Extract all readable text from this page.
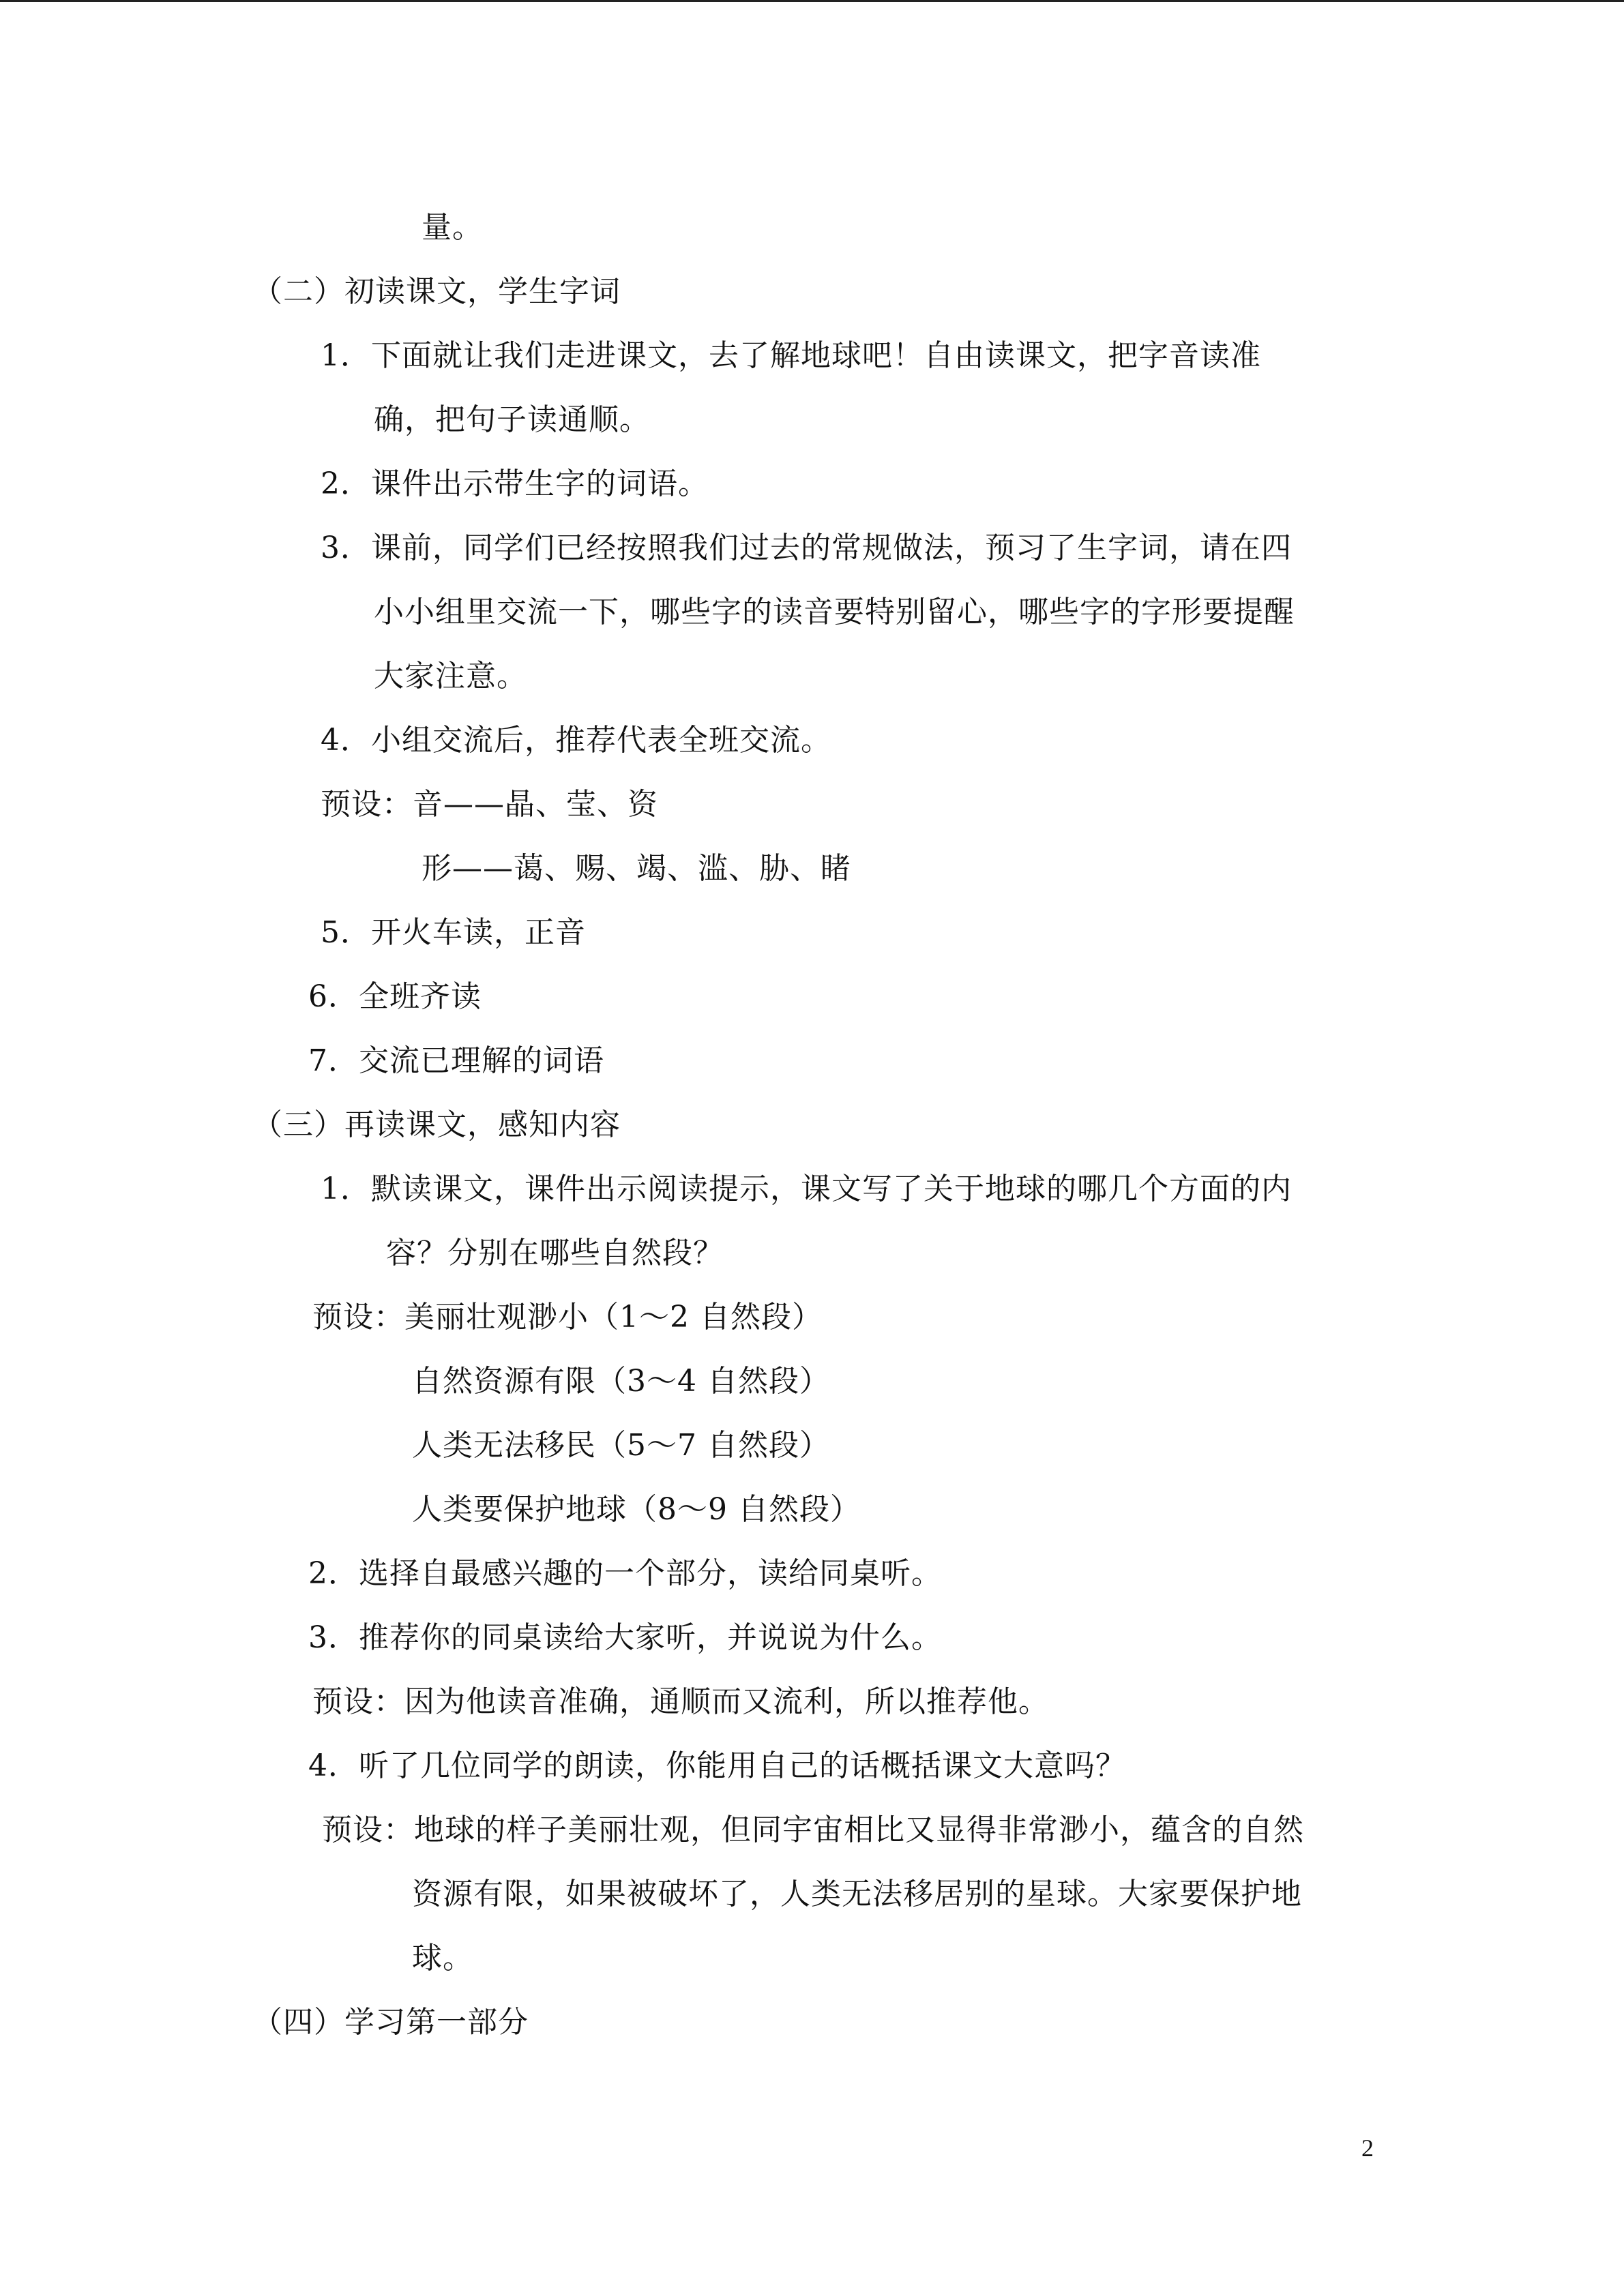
量。
（二）初读课文，学生字词
1．下面就让我们走进课文，去了解地球吧！自由读课文，把字音读准
确，把句子读通顺。
2．课件出示带生字的词语。
3．课前，同学们已经按照我们过去的常规做法，预习了生字词，请在四
小小组里交流一下，哪些字的读音要特别留心，哪些字的字形要提醒
大家注意。
4．小组交流后，推荐代表全班交流。
预设：音——晶、莹、资
形——蔼、赐、竭、滥、胁、睹
5．开火车读，正音
6．全班齐读
7．交流已理解的词语
（三）再读课文，感知内容
1．默读课文，课件出示阅读提示，课文写了关于地球的哪几个方面的内
容？分别在哪些自然段？
预设：美丽壮观渺小（1～2 自然段）
自然资源有限（3～4 自然段）
人类无法移民（5～7 自然段）
人类要保护地球（8～9 自然段）
2．选择自最感兴趣的一个部分，读给同桌听。
3．推荐你的同桌读给大家听，并说说为什么。
预设：因为他读音准确，通顺而又流利，所以推荐他。
4．听了几位同学的朗读，你能用自己的话概括课文大意吗？
预设：地球的样子美丽壮观，但同宇宙相比又显得非常渺小，蕴含的自然
资源有限，如果被破坏了，人类无法移居别的星球。大家要保护地
球。
（四）学习第一部分
2
